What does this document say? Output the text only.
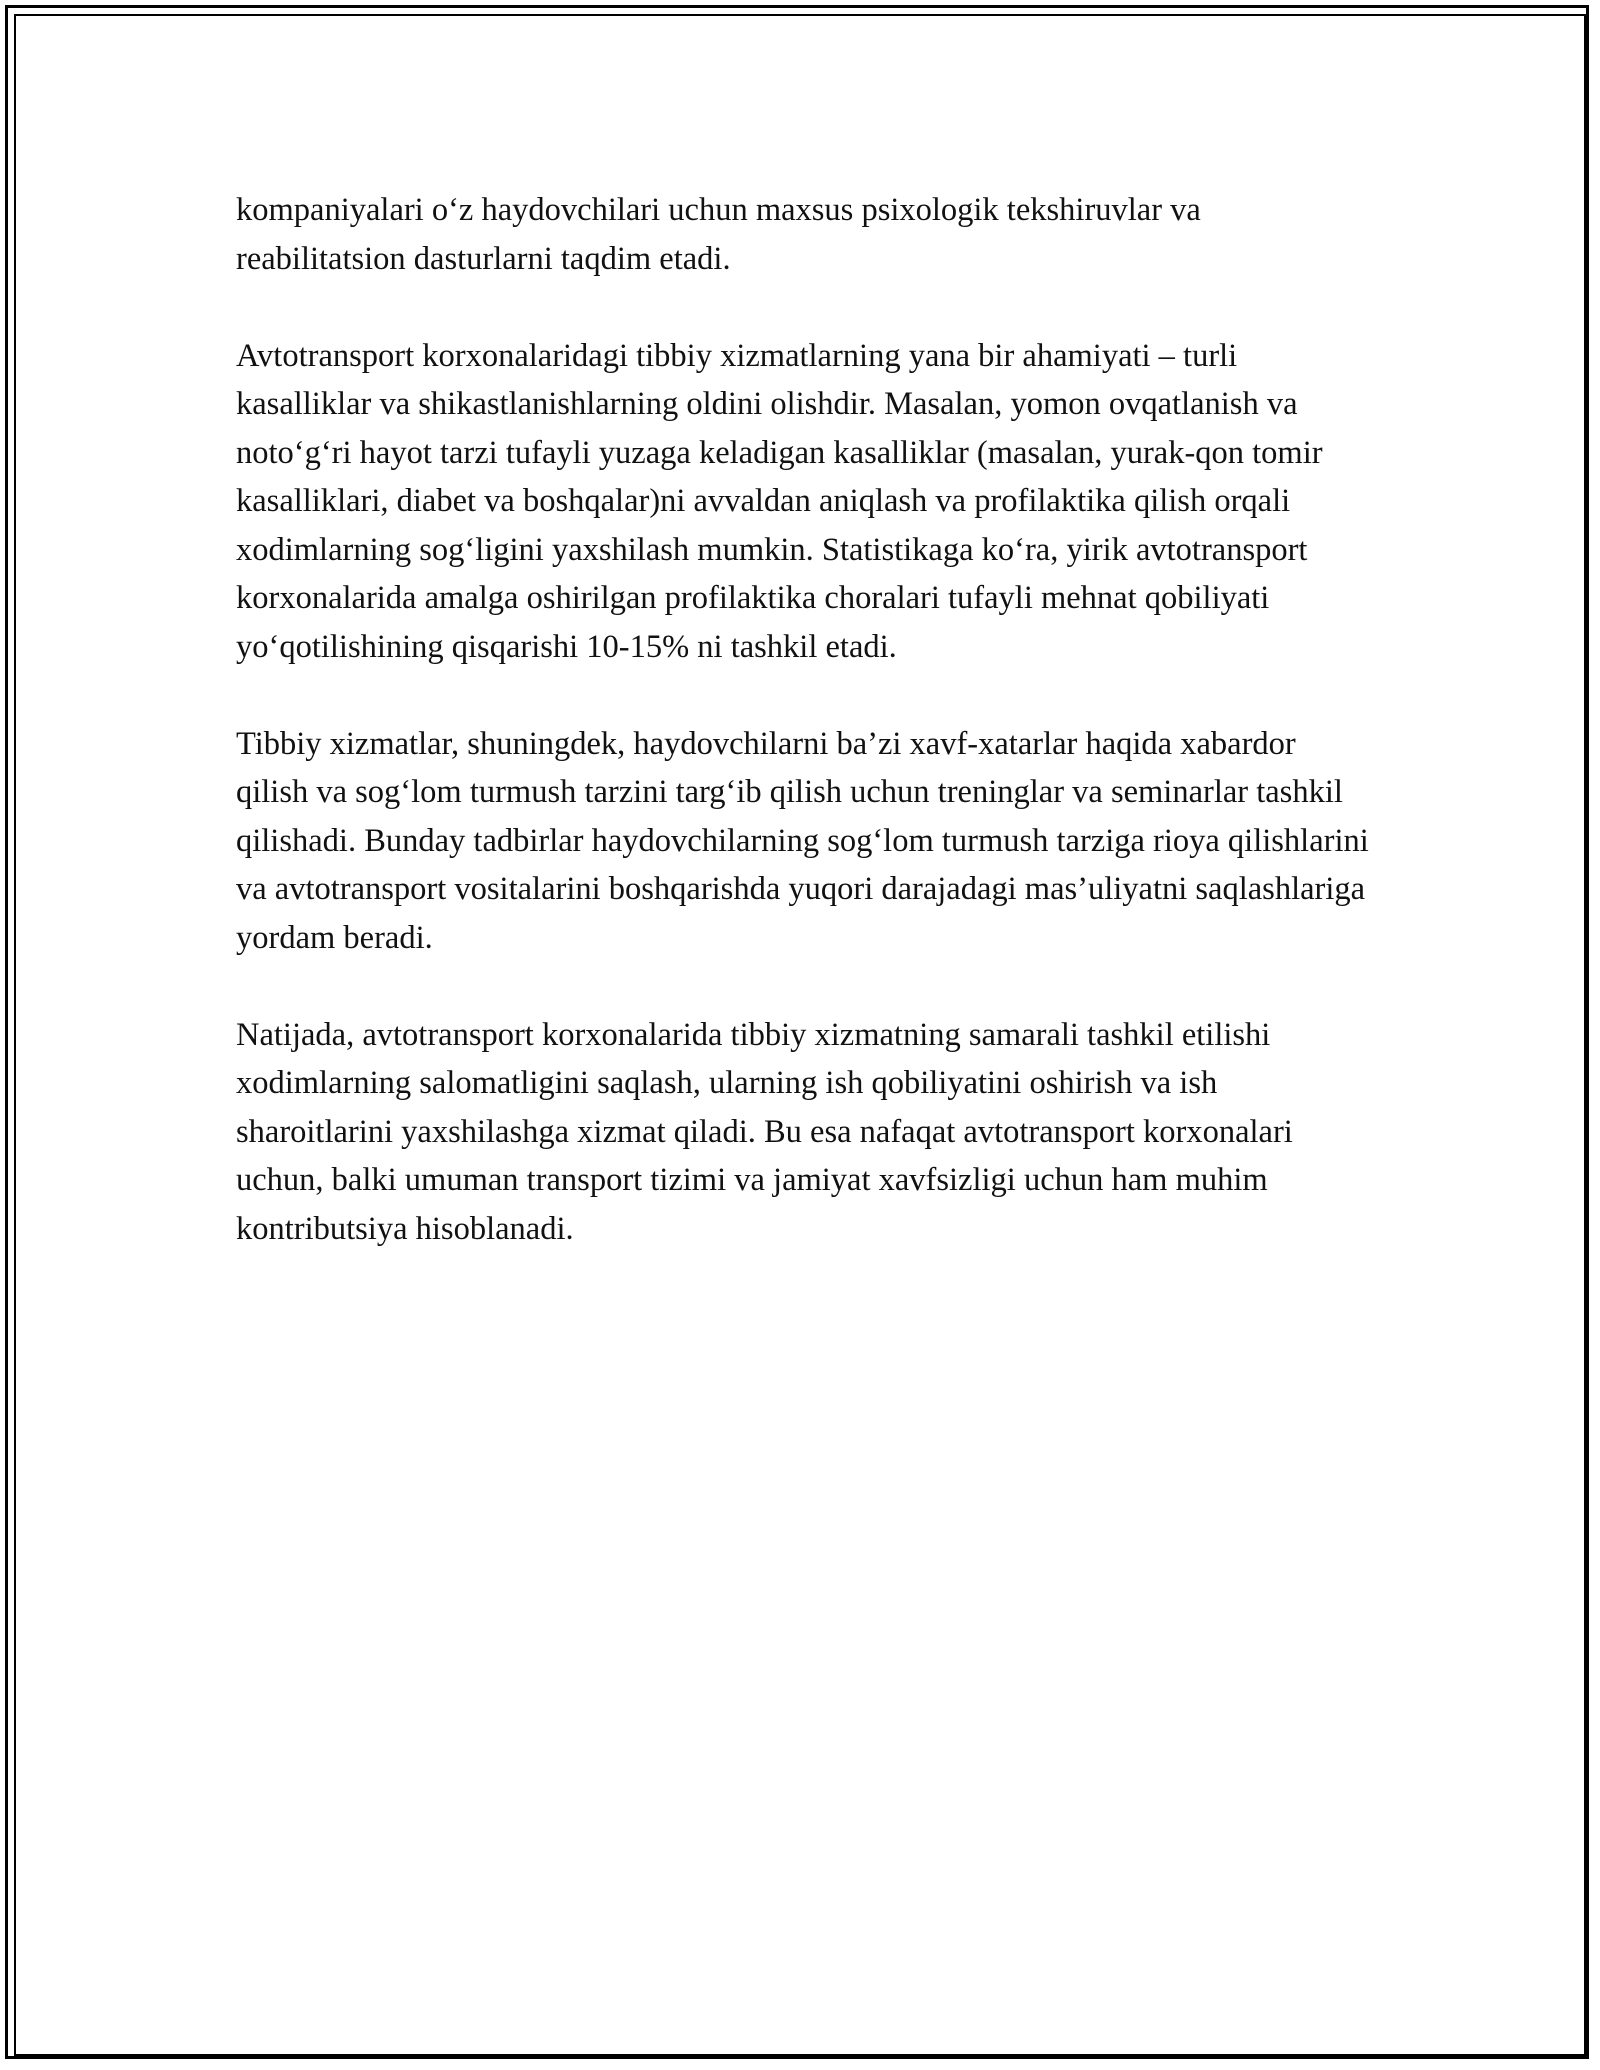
kompaniyalari o‘z haydovchilari uchun maxsus psixologik tekshiruvlar va reabilitatsion dasturlarni taqdim etadi.

Avtotransport korxonalaridagi tibbiy xizmatlarning yana bir ahamiyati – turli kasalliklar va shikastlanishlarning oldini olishdir. Masalan, yomon ovqatlanish va noto‘g‘ri hayot tarzi tufayli yuzaga keladigan kasalliklar (masalan, yurak-qon tomir kasalliklari, diabet va boshqalar)ni avvaldan aniqlash va profilaktika qilish orqali xodimlarning sog‘ligini yaxshilash mumkin. Statistikaga ko‘ra, yirik avtotransport korxonalarida amalga oshirilgan profilaktika choralari tufayli mehnat qobiliyati yo‘qotilishining qisqarishi 10-15% ni tashkil etadi.

Tibbiy xizmatlar, shuningdek, haydovchilarni ba’zi xavf-xatarlar haqida xabardor qilish va sog‘lom turmush tarzini targ‘ib qilish uchun treninglar va seminarlar tashkil qilishadi. Bunday tadbirlar haydovchilarning sog‘lom turmush tarziga rioya qilishlarini va avtotransport vositalarini boshqarishda yuqori darajadagi mas’uliyatni saqlashlariga yordam beradi.

Natijada, avtotransport korxonalarida tibbiy xizmatning samarali tashkil etilishi xodimlarning salomatligini saqlash, ularning ish qobiliyatini oshirish va ish sharoitlarini yaxshilashga xizmat qiladi. Bu esa nafaqat avtotransport korxonalari uchun, balki umuman transport tizimi va jamiyat xavfsizligi uchun ham muhim kontributsiya hisoblanadi.
